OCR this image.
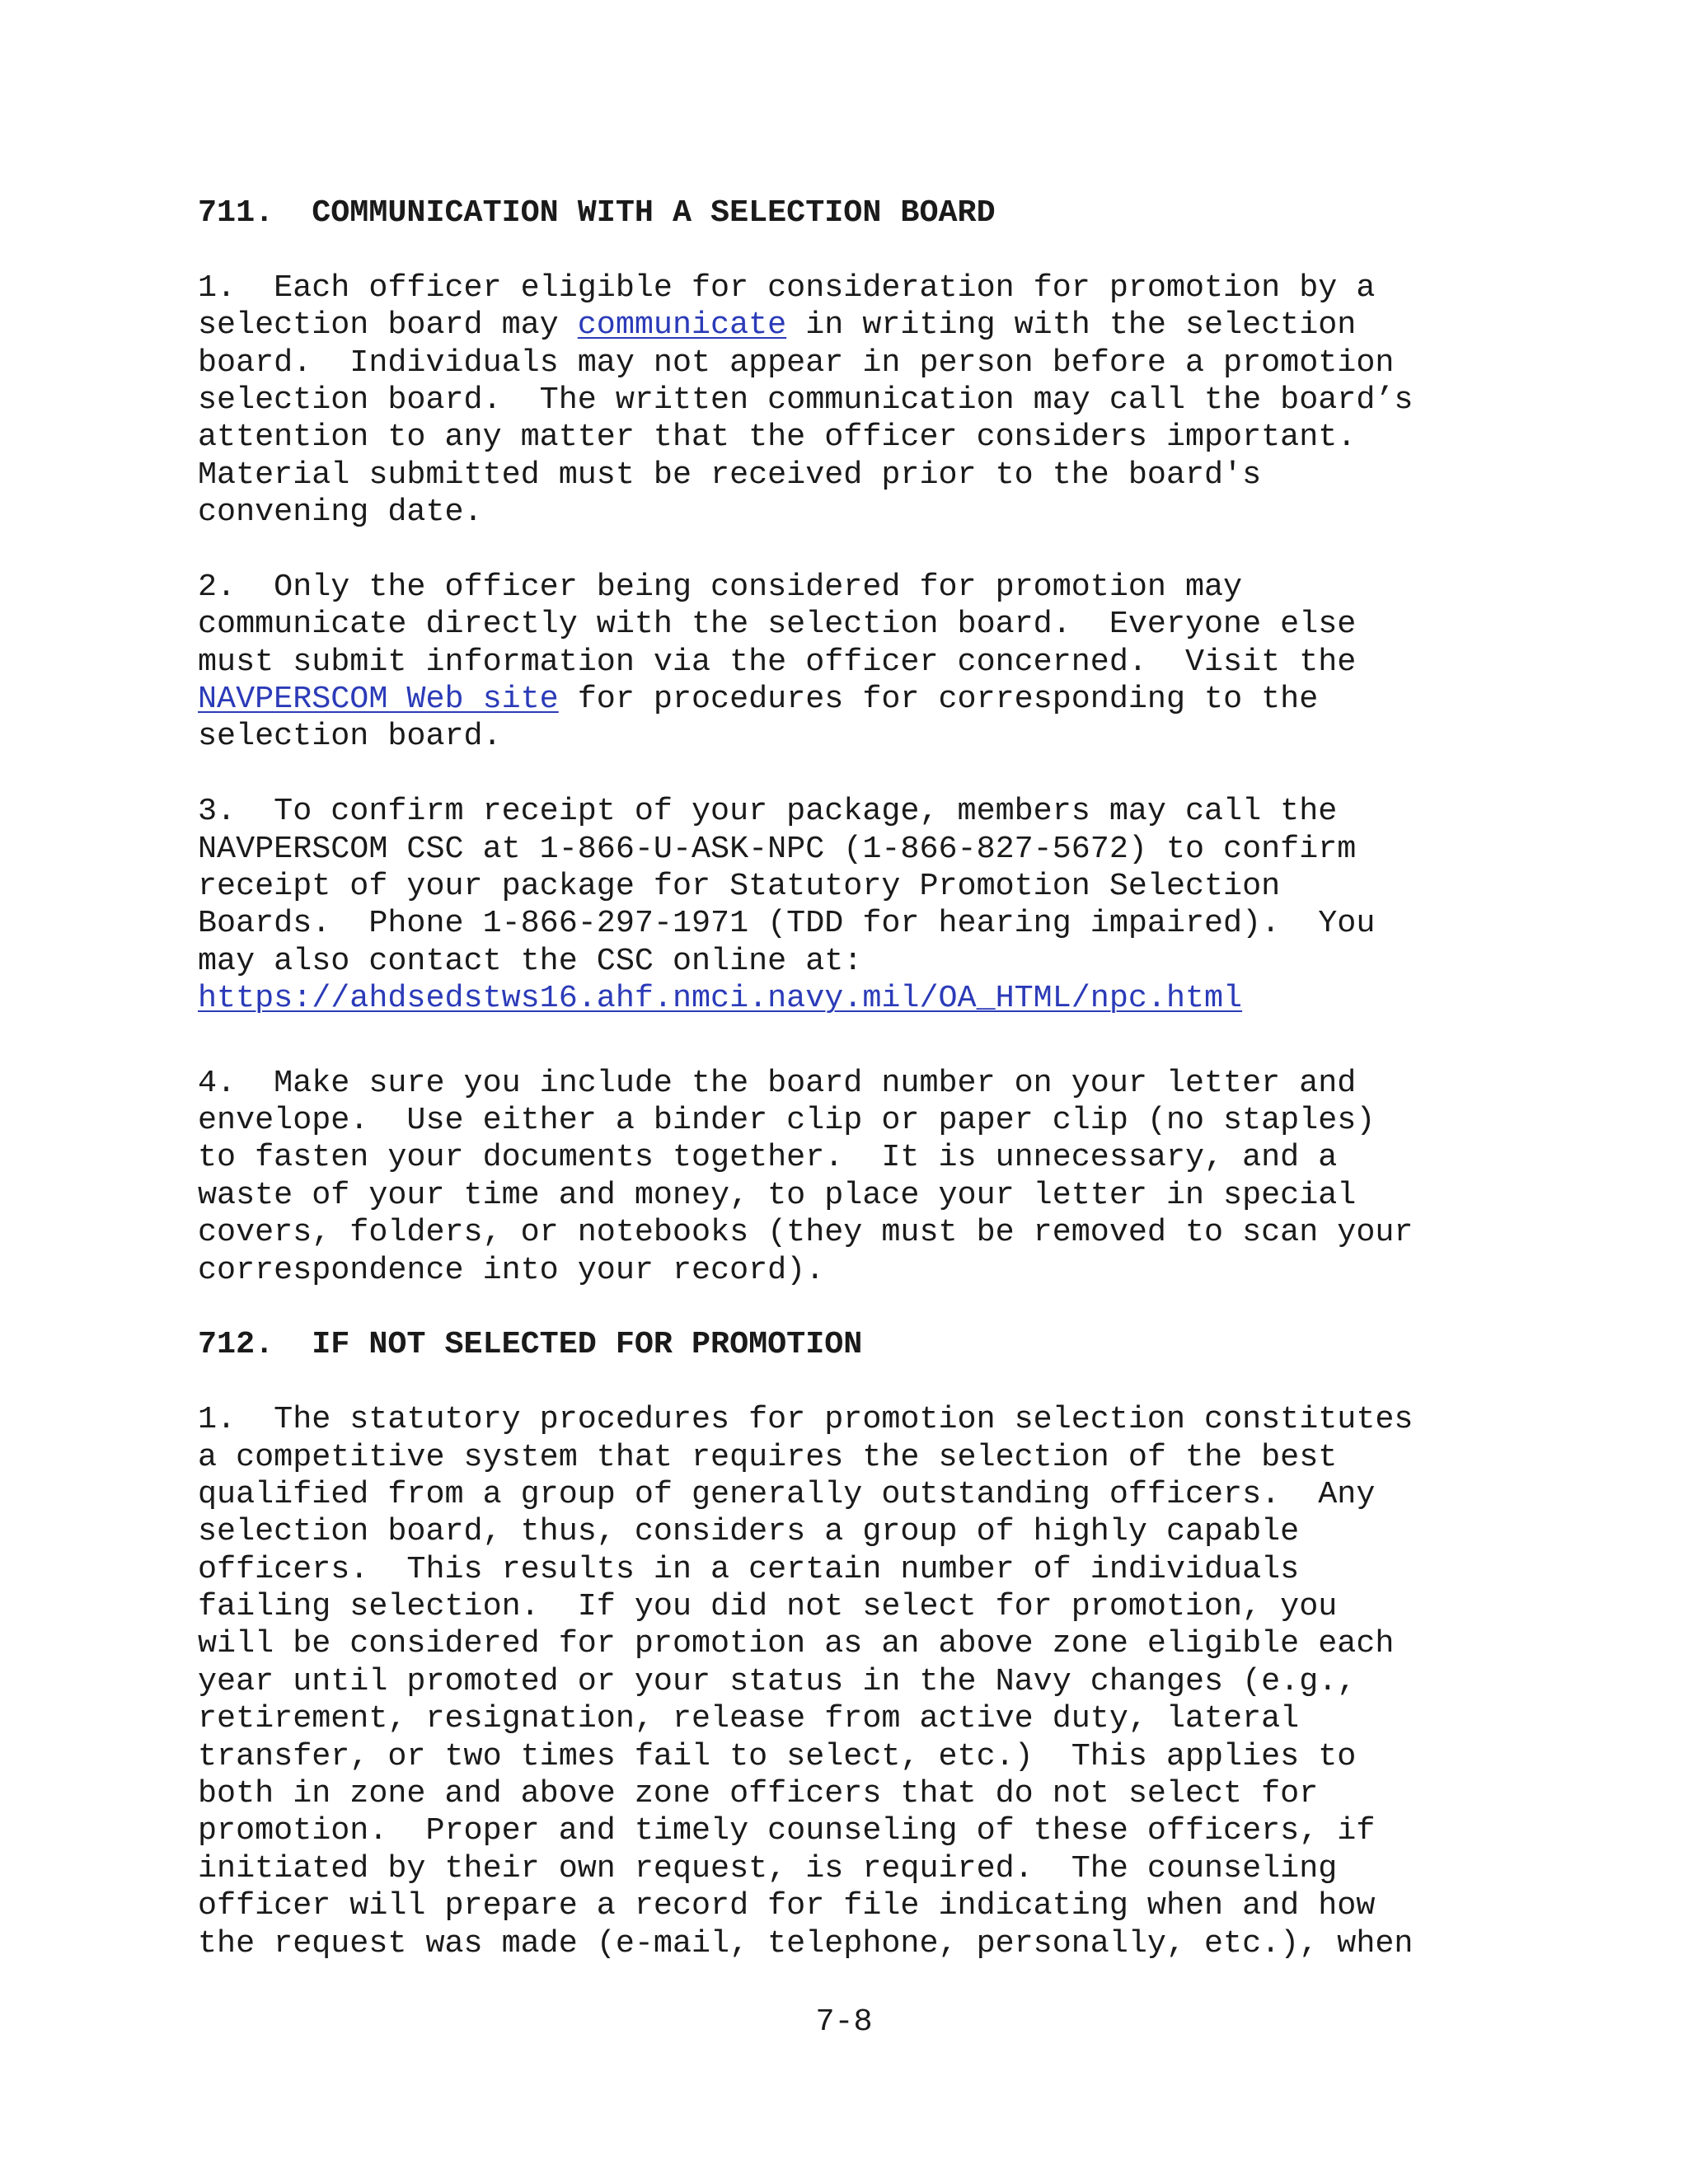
711.  COMMUNICATION WITH A SELECTION BOARD
1.  Each officer eligible for consideration for promotion by a
selection board may communicate in writing with the selection
board.  Individuals may not appear in person before a promotion
selection board.  The written communication may call the board’s
attention to any matter that the officer considers important.
Material submitted must be received prior to the board's
convening date.
2.  Only the officer being considered for promotion may
communicate directly with the selection board.  Everyone else
must submit information via the officer concerned.  Visit the
NAVPERSCOM Web site for procedures for corresponding to the
selection board.
3.  To confirm receipt of your package, members may call the
NAVPERSCOM CSC at 1-866-U-ASK-NPC (1-866-827-5672) to confirm
receipt of your package for Statutory Promotion Selection
Boards.  Phone 1-866-297-1971 (TDD for hearing impaired).  You
may also contact the CSC online at:
https://ahdsedstws16.ahf.nmci.navy.mil/OA_HTML/npc.html
4.  Make sure you include the board number on your letter and
envelope.  Use either a binder clip or paper clip (no staples)
to fasten your documents together.  It is unnecessary, and a
waste of your time and money, to place your letter in special
covers, folders, or notebooks (they must be removed to scan your
correspondence into your record).
712.  IF NOT SELECTED FOR PROMOTION
1.  The statutory procedures for promotion selection constitutes
a competitive system that requires the selection of the best
qualified from a group of generally outstanding officers.  Any
selection board, thus, considers a group of highly capable
officers.  This results in a certain number of individuals
failing selection.  If you did not select for promotion, you
will be considered for promotion as an above zone eligible each
year until promoted or your status in the Navy changes (e.g.,
retirement, resignation, release from active duty, lateral
transfer, or two times fail to select, etc.)  This applies to
both in zone and above zone officers that do not select for
promotion.  Proper and timely counseling of these officers, if
initiated by their own request, is required.  The counseling
officer will prepare a record for file indicating when and how
the request was made (e-mail, telephone, personally, etc.), when
7-8
